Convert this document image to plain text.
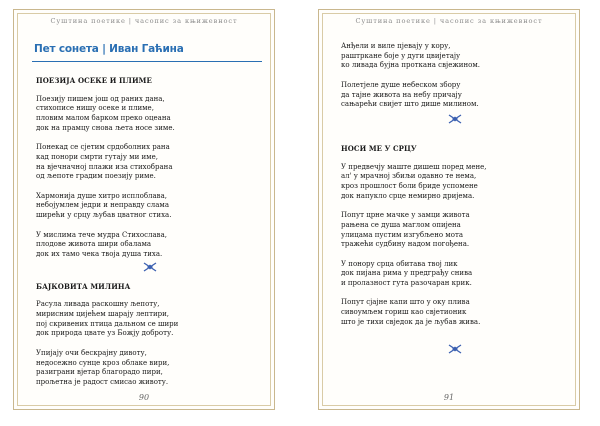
Суштина поетике | часопис за књижевност
Пет сонета | Иван Гаћина
ПОЕЗИЈА ОСЕКЕ И ПЛИМЕ
Поезију пишем још од раних дана,
стихописе нишу осеке и плиме,
пловим малом барком преко оцеана
док на прамцу снова љета носе зиме.
Понекад се сјетим срдоболних рана
кад понори смрти гутају ми име,
на вјечначној плажи иза стихобрана
од љепоте градим поезију риме.
Хармонија душе хитро исплоблава,
небојумлем једри и неправду слама
ширећи у срцу љубав цватног стиха.
У мислима тече мудра Стихослава,
плодове живота шири обалама
док их тамо чека твоја душа тиха.
БАЈКОВИТА МИЛИНА
Расула ливада раскошну љепоту,
мирисним цијећем шарају лептири,
поj скривених птица дальном се шири
док природа цвате уз Божју доброту.
Упијају очи бескрајну дивоту,
недосежно сунце кроз облаке вири,
разиграни вјетар благорадо пири,
прољетна је радост смисао животу.
90
Суштина поетике | часопис за књижевност
Анђели и виле пјевају у кору,
раштркане боје у дуги цвијетају
ко ливада бујна проткана свјежином.
Полетјеле душе небеском збору
да тајне живота на небу причају
сањарећи свијет што дише милином.
НОСИ МЕ У СРЦУ
У предвечју маште дишеш поред мене,
ал' у мрачној збиљи одавно те нема,
кроз прошлост боли бриде успомене
док напукло срце немирно дријема.
Попут црне мачке у замци живота
рањена се душа маглом опијена
улицама пустим изгубљено мота
тражећи судбину надом погођена.
У понору срца обитава твој лик
док пијана рима у предграђу снива
и пролазност гута разочаран крик.
Попут сјајне капи што у оку плива
сивоумљем гориш као свјетионик
што је тихи свједок да је љубав жива.
91
